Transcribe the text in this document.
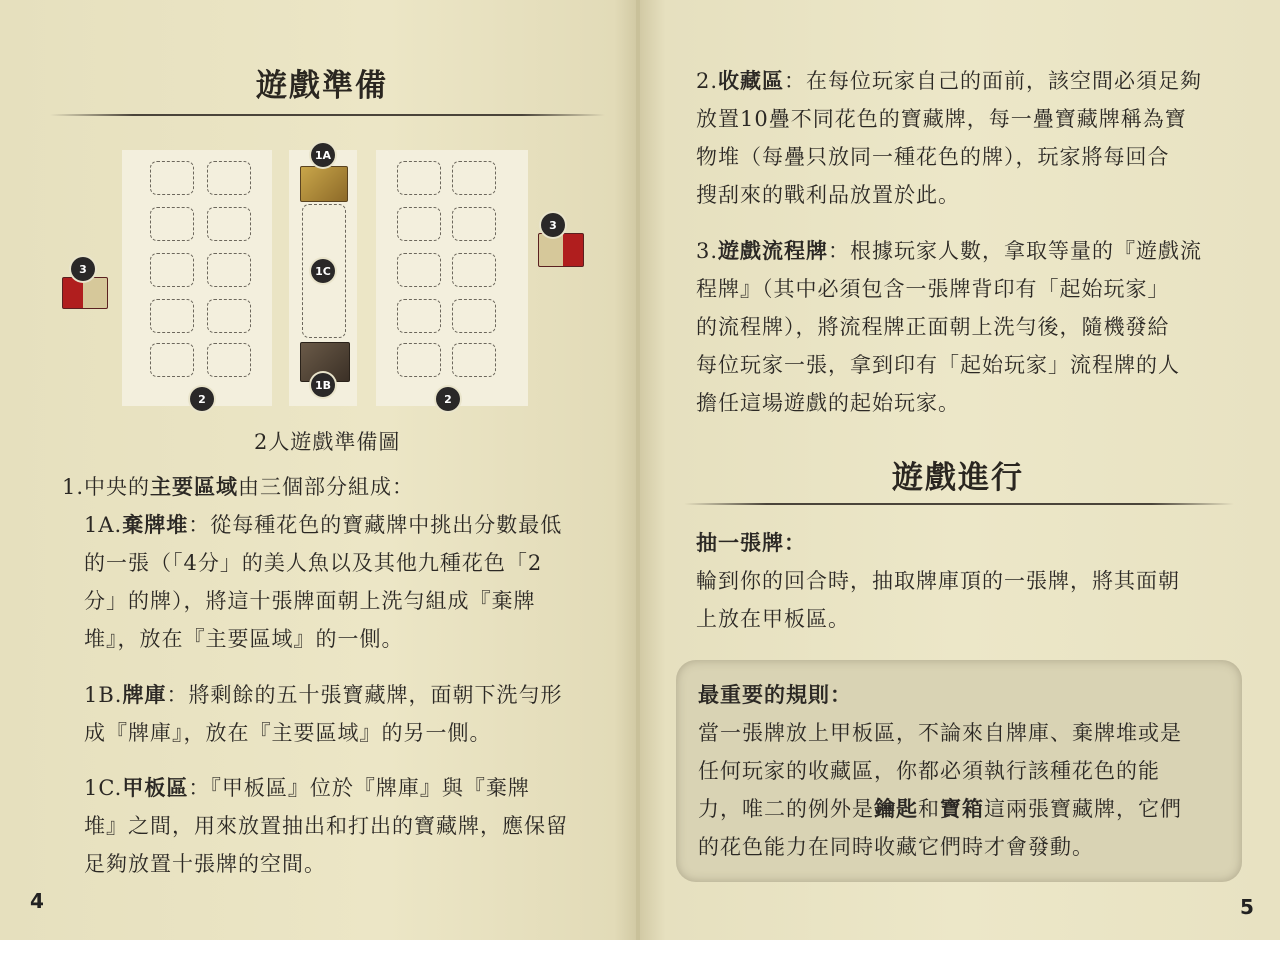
遊戲準備
1A
1C
1B
2	2
3
3
2人遊戲準備圖
1.中央的主要區域由三個部分組成：
1A.棄牌堆：從每種花色的寶藏牌中挑出分數最低
的一張（「4分」的美人魚以及其他九種花色「2
分」的牌），將這十張牌面朝上洗勻組成『棄牌
堆』，放在『主要區域』的一側。
1B.牌庫：將剩餘的五十張寶藏牌，面朝下洗勻形
成『牌庫』，放在『主要區域』的另一側。
1C.甲板區：『甲板區』位於『牌庫』與『棄牌
堆』之間，用來放置抽出和打出的寶藏牌，應保留
足夠放置十張牌的空間。
4
2.收藏區：在每位玩家自己的面前，該空間必須足夠
放置10疊不同花色的寶藏牌，每一疊寶藏牌稱為寶
物堆（每疊只放同一種花色的牌），玩家將每回合
搜刮來的戰利品放置於此。
3.遊戲流程牌：根據玩家人數，拿取等量的『遊戲流
程牌』（其中必須包含一張牌背印有「起始玩家」
的流程牌），將流程牌正面朝上洗勻後，隨機發給
每位玩家一張，拿到印有「起始玩家」流程牌的人
擔任這場遊戲的起始玩家。
遊戲進行
抽一張牌：
輪到你的回合時，抽取牌庫頂的一張牌，將其面朝
上放在甲板區。
最重要的規則：
當一張牌放上甲板區，不論來自牌庫、棄牌堆或是
任何玩家的收藏區，你都必須執行該種花色的能
力，唯二的例外是鑰匙和寶箱這兩張寶藏牌，它們
的花色能力在同時收藏它們時才會發動。
5
